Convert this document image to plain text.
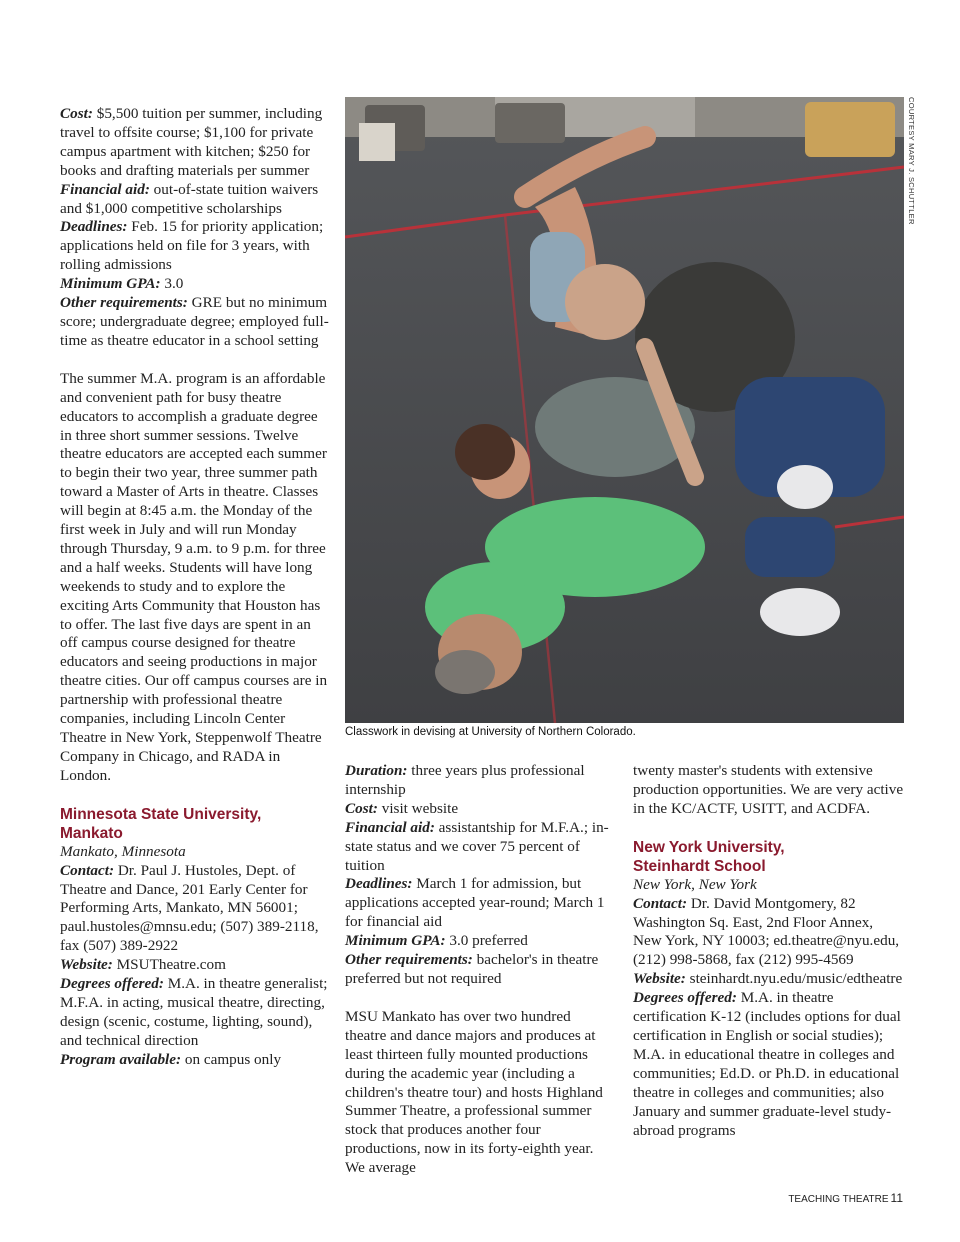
Cost: $5,500 tuition per summer, including travel to offsite course; $1,100 for private campus apartment with kitchen; $250 for books and drafting materials per summer

Financial aid: out-of-state tuition waivers and $1,000 competitive scholarships

Deadlines: Feb. 15 for priority application; applications held on file for 3 years, with rolling admissions

Minimum GPA: 3.0

Other requirements: GRE but no minimum score; undergraduate degree; employed full-time as theatre educator in a school setting

The summer M.A. program is an affordable and convenient path for busy theatre educators to accomplish a graduate degree in three short summer sessions. Twelve theatre educators are accepted each summer to begin their two year, three summer path toward a Master of Arts in theatre. Classes will begin at 8:45 a.m. the Monday of the first week in July and will run Monday through Thursday, 9 a.m. to 9 p.m. for three and a half weeks. Students will have long weekends to study and to explore the exciting Arts Community that Houston has to offer. The last five days are spent in an off campus course designed for theatre educators and seeing productions in major theatre cities. Our off campus courses are in partnership with professional theatre companies, including Lincoln Center Theatre in New York, Steppenwolf Theatre Company in Chicago, and RADA in London.

Minnesota State University,
Mankato

Mankato, Minnesota

Contact: Dr. Paul J. Hustoles, Dept. of Theatre and Dance, 201 Early Center for Performing Arts, Mankato, MN 56001; paul.hustoles@mnsu.edu; (507) 389-2118, fax (507) 389-2922

Website: MSUTheatre.com

Degrees offered: M.A. in theatre generalist; M.F.A. in acting, musical theatre, directing, design (scenic, costume, lighting, sound), and technical direction

Program available: on campus only

COURTESY MARY J. SCHUTTLER
Classwork in devising at University of Northern Colorado.

Duration: three years plus professional internship

Cost: visit website

Financial aid: assistantship for M.F.A.; in-state status and we cover 75 percent of tuition

Deadlines: March 1 for admission, but applications accepted year-round; March 1 for financial aid

Minimum GPA: 3.0 preferred

Other requirements: bachelor's in theatre preferred but not required

MSU Mankato has over two hundred theatre and dance majors and produces at least thirteen fully mounted productions during the academic year (including a children's theatre tour) and hosts Highland Summer Theatre, a professional summer stock that produces another four productions, now in its forty-eighth year. We average

twenty master's students with extensive production opportunities. We are very active in the KC/ACTF, USITT, and ACDFA.

New York University,
Steinhardt School

New York, New York

Contact: Dr. David Montgomery, 82 Washington Sq. East, 2nd Floor Annex, New York, NY 10003; ed.theatre@nyu.edu, (212) 998-5868, fax (212) 995-4569

Website: steinhardt.nyu.edu/music/edtheatre

Degrees offered: M.A. in theatre certification K-12 (includes options for dual certification in English or social studies); M.A. in educational theatre in colleges and communities; Ed.D. or Ph.D. in educational theatre in colleges and communities; also January and summer graduate-level study-abroad programs

TEACHING THEATRE 11
